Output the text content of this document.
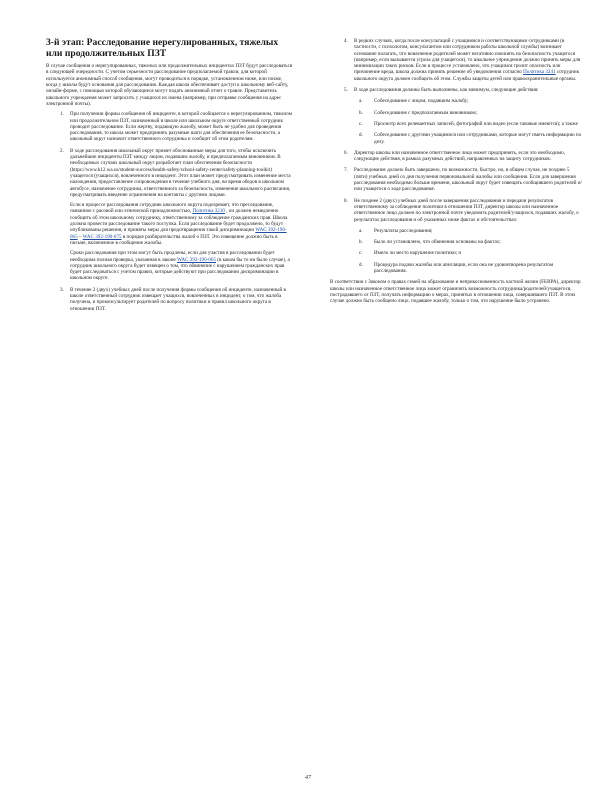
3-й этап: Расследование нерегулированных, тяжелых или продолжительных ПЗТ

В случае сообщения о нерегулированных, тяжелых или продолжительных инцидентах ПЗТ будут расследоваться в следующей очередности. С учетом серьезности расследование предполагаемой травли, для которой используется анонимный способ сообщения, могут проводиться в порядке, установленном ниже, или позже, когда у школы будут основания для расследования. Каждая школа обеспечивает доступ к школьному веб-сайту, онлайн-форме, с помощью которой обучающиеся могут подать анонимный отчет о травле. Представитель школьного учреждения может запросить у учащихся их имена (например, при отправке сообщения на адрес электронной почты).

1. При получении формы сообщения об инциденте, в которой сообщается о нерегулированном, тяжелом или продолжительном ПЗТ, назначенный в школе или школьном округе ответственный сотрудник проводит расследование. Если жертву, подающую жалобу, может быть не удобно для проведения расследования, то школа может предпринять разумные шаги для обеспечения ее безопасности, а школьный округ назначит ответственного сотрудника и сообщит об этом родителям.

2. В ходе расследования школьный округ примет обоснованные меры для того, чтобы исключить дальнейшие инциденты ПЗТ между лицом, подавшим жалобу, и предполагаемым виновником. В необходимых случаях школьный округ разработает план обеспечения безопасности (https://www.k12.wa.us/student-success/health-safety/school-safety-center/safety-planning-toolkit) учащегося (учащихся), вовлеченного в инцидент. Этот план может предусматривать изменение места нахождения, предоставление сопровождения в течение учебного дня, во время обедов в школьном автобусе, назначение сотрудника, ответственного за безопасность, изменение школьного расписания, предусматривать введение ограничения на контакты с другими лицами.

Если в процессе расследования сотрудник школьного округа подозревает, что преследование, связанное с расовой или этнической принадлежностью, Политика 3210 , он должен немедленно сообщить об этом школьному сотруднику, ответственному за соблюдение гражданских прав. Школа должна провести расследование такого поступка. Если расследование будет продолжено, то будут опубликованы решения, и приняты меры для предотвращения такой дискриминации WAC 392-190-065 – WAC 392-190-075 в порядке разбирательства жалоб о ПЗТ. Это извещение должно быть в письме, включенное в сообщение жалобы.

Сроки расследования при этом могут быть продлены, если для участия в расследовании будет необходима полная проверка, указанная в законе WAC 392-190-065 (в каком бы то ни было случае), а сотрудник школьного округа будет извещен о том, что обвинение с нарушением гражданских прав будет расследоваться с учетом правил, которые действуют при расследовании дискриминации в школьном округе.

3. В течение 2 (двух) учебных дней после получения формы сообщения об инциденте, назначенный в школе ответственный сотрудник извещает учащихся, вовлеченных в инцидент, о том, что жалоба получена, и проконсультирует родителей по вопросу политики и правил школьного округа в отношении ПЗТ.

4. В редких случаях, когда после консультаций с учащимися и соответствующими сотрудниками (в частности, с психологом, консультантом или сотрудником работы школьной службы) возникает основание полагать, что вовлечение родителей может негативно повлиять на безопасность учащегося (например, если вызывается угроза для учащегося), то школьное учреждение должно принять меры для минимизации таких рисков. Если в процессе установлено, что учащимся грозит опасность или причинение вреда, школа должна принять решение об уведомлении согласно Политика 3241 сотрудник школьного округа должен сообщить об этом. Службы защиты детей или правоохранительные органы.

5. В ходе расследования должны быть выполнены, как минимум, следующие действия:

a. Собеседование с лицом, подавшим жалобу;
b. Собеседование с предполагаемым виновником;
c. Просмотр всех релевантных записей, фотографий или видео (если таковые имеются); а также
d. Собеседование с другими учащимися или сотрудниками, которые могут иметь информацию по делу.
6. Директор школы или назначенное ответственное лицо может предпринять, если это необходимо, следующие действия, в рамках разумных действий, направленных на защиту сотрудников.

7. Расследование должно быть завершено, по возможности, быстро, но, в общем случае, не позднее 5 (пяти) учебных дней со дня получения первоначальной жалобы или сообщения. Если для завершения расследования необходимо больше времени, школьный округ будет извещать сообщившего родителей и/или учащегося о ходе расследования.

8. Не позднее 2 (двух) учебных дней после завершения расследования и передачи результатов ответственному за соблюдение политики в отношении ПЗТ, директор школы или назначенное ответственное лицо должен по электронной почте уведомить родителей/учащихся, подавших жалобу, о результатах расследования и об указанных ниже фактах и обстоятельствах:

a. Результаты расследования;
b. Было ли установлено, что обвинения основаны на фактах;
c. Имело ли место нарушение политики; и
d. Процедура подачи жалобы или апелляции, если она не удовлетворена результатом расследования.

В соответствии с Законом о правах семей на образование и неприкосновенность частной жизни (FERPA), директор школы или назначенное ответственное лицо может ограничить возможность сотрудника/родителей/учащегося, пострадавшего от ПЗТ, получать информацию о мерах, принятых в отношении лица, совершившего ПЗТ. В этом случае должно быть сообщено лицо, подавшее жалобу, только о том, что нарушение было устранено.

47
